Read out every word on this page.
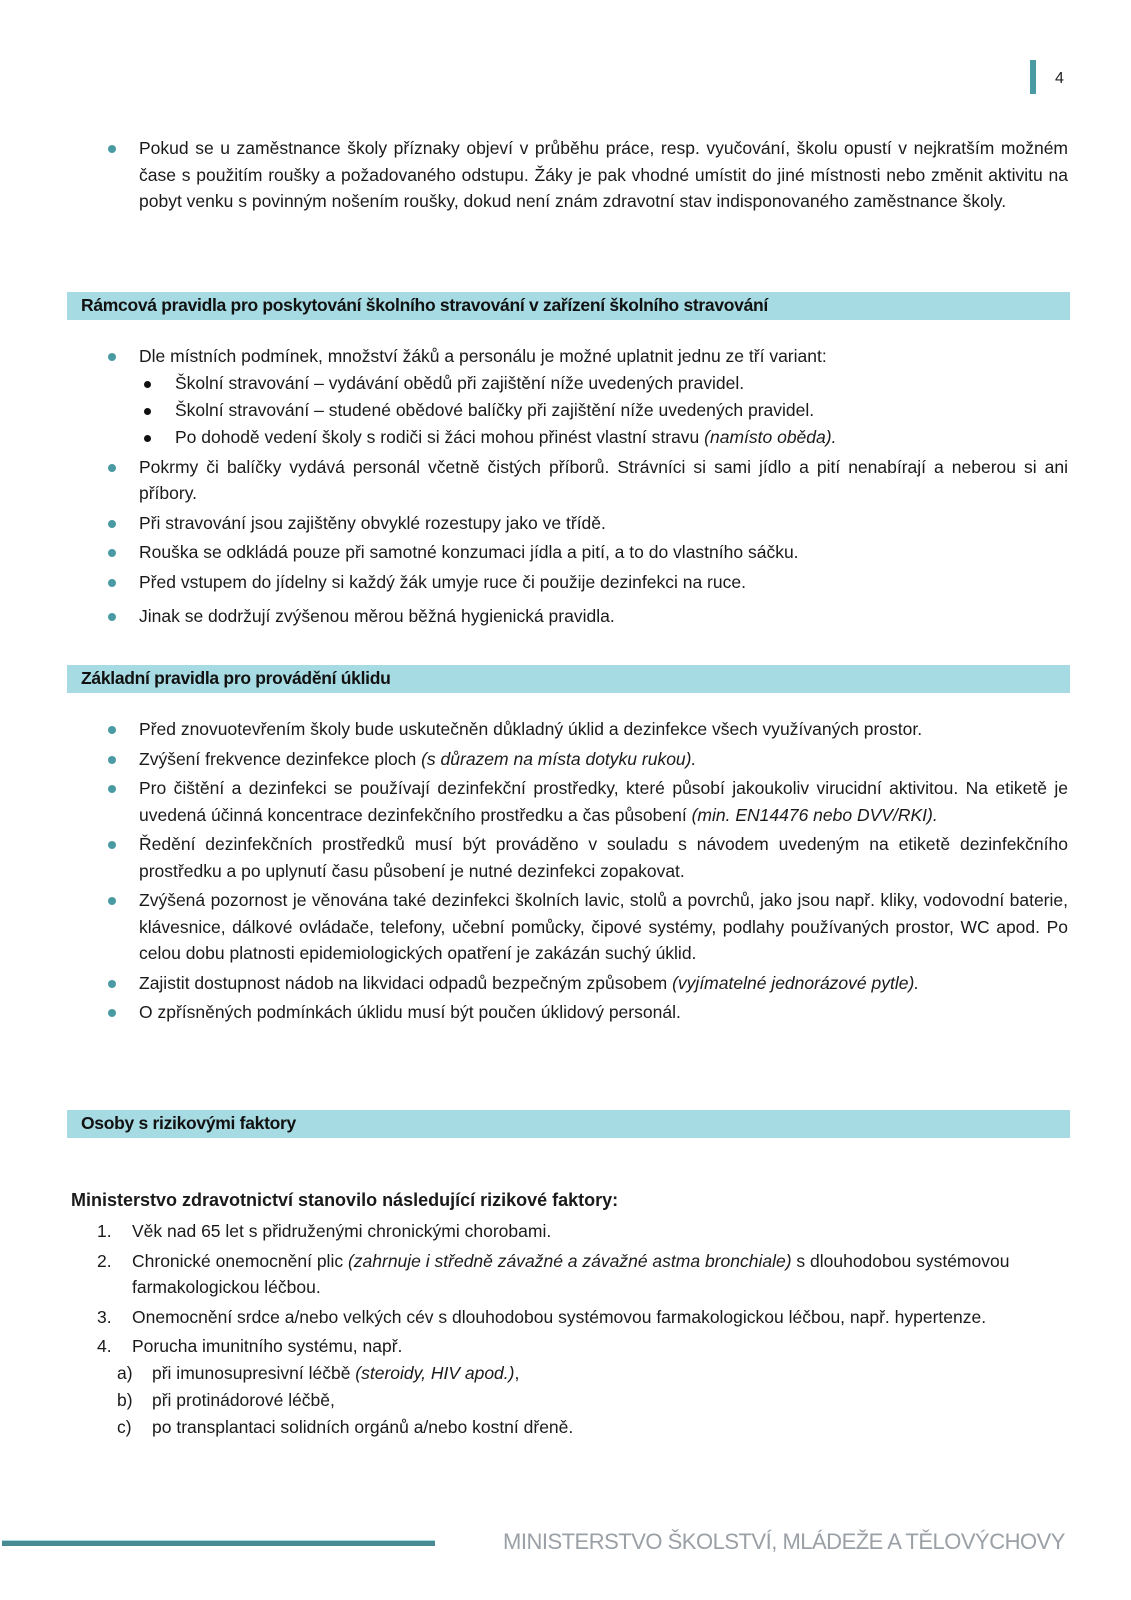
4
Pokud se u zaměstnance školy příznaky objeví v průběhu práce, resp. vyučování, školu opustí v nejkratším možném čase s použitím roušky a požadovaného odstupu. Žáky je pak vhodné umístit do jiné místnosti nebo změnit aktivitu na pobyt venku s povinným nošením roušky, dokud není znám zdravotní stav indisponovaného zaměstnance školy.
Rámcová pravidla pro poskytování školního stravování v zařízení školního stravování
Dle místních podmínek, množství žáků a personálu je možné uplatnit jednu ze tří variant:
Školní stravování – vydávání obědů při zajištění níže uvedených pravidel.
Školní stravování – studené obědové balíčky při zajištění níže uvedených pravidel.
Po dohodě vedení školy s rodiči si žáci mohou přinést vlastní stravu (namísto oběda).
Pokrmy či balíčky vydává personál včetně čistých příborů. Strávníci si sami jídlo a pití nenabírají a neberou si ani příbory.
Při stravování jsou zajištěny obvyklé rozestupy jako ve třídě.
Rouška se odkládá pouze při samotné konzumaci jídla a pití, a to do vlastního sáčku.
Před vstupem do jídelny si každý žák umyje ruce či použije dezinfekci na ruce.
Jinak se dodržují zvýšenou měrou běžná hygienická pravidla.
Základní pravidla pro provádění úklidu
Před znovuotevřením školy bude uskutečněn důkladný úklid a dezinfekce všech využívaných prostor.
Zvýšení frekvence dezinfekce ploch (s důrazem na místa dotyku rukou).
Pro čištění a dezinfekci se používají dezinfekční prostředky, které působí jakoukoliv virucidní aktivitou. Na etiketě je uvedená účinná koncentrace dezinfekčního prostředku a čas působení (min. EN14476 nebo DVV/RKI).
Ředění dezinfekčních prostředků musí být prováděno v souladu s návodem uvedeným na etiketě dezinfekčního prostředku a po uplynutí času působení je nutné dezinfekci zopakovat.
Zvýšená pozornost je věnována také dezinfekci školních lavic, stolů a povrchů, jako jsou např. kliky, vodovodní baterie, klávesnice, dálkové ovládače, telefony, učební pomůcky, čipové systémy, podlahy používaných prostor, WC apod. Po celou dobu platnosti epidemiologických opatření je zakázán suchý úklid.
Zajistit dostupnost nádob na likvidaci odpadů bezpečným způsobem (vyjímatelné jednorázové pytle).
O zpřísněných podmínkách úklidu musí být poučen úklidový personál.
Osoby s rizikovými faktory
Ministerstvo zdravotnictví stanovilo následující rizikové faktory:
1. Věk nad 65 let s přidruženými chronickými chorobami.
2. Chronické onemocnění plic (zahrnuje i středně závažné a závažné astma bronchiale) s dlouhodobou systémovou farmakologickou léčbou.
3. Onemocnění srdce a/nebo velkých cév s dlouhodobou systémovou farmakologickou léčbou, např. hypertenze.
4. Porucha imunitního systému, např.
a) při imunosupresivní léčbě (steroidy, HIV apod.),
b) při protinádorové léčbě,
c) po transplantaci solidních orgánů a/nebo kostní dřeně.
MINISTERSTVO ŠKOLSTVÍ, MLÁDEŽE A TĚLOVÝCHOVY
